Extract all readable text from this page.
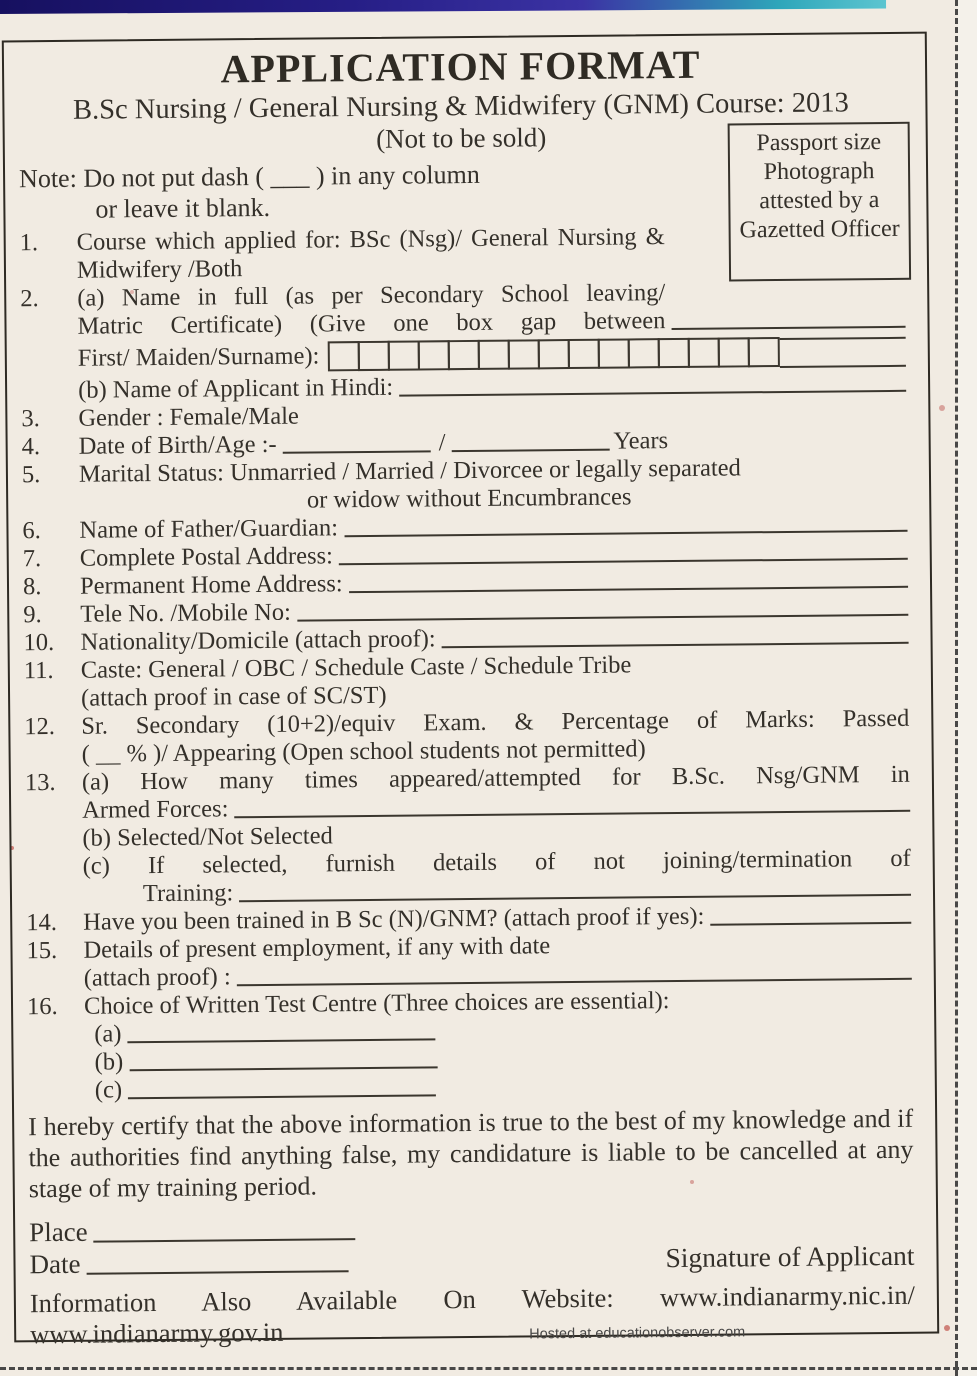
APPLICATION FORMAT
B.Sc Nursing / General Nursing & Midwifery (GNM) Course: 2013
(Not to be sold)
Note: Do not put dash ( ___ ) in any column
or leave it blank.
Passport size Photograph attested by a Gazetted Officer
1.	Course which applied for: BSc (Nsg)/ General Nursing & Midwifery /Both
2.	(a) Name in full (as per Secondary School leaving/
Matric Certificate) (Give one box gap between
First/ Maiden/Surname):
(b) Name of Applicant in Hindi:
3.	Gender : Female/Male
4.	Date of Birth/Age :-	/	Years
5.	Marital Status: Unmarried / Married / Divorcee or legally separated
or widow without Encumbrances
6.	Name of Father/Guardian:
7.	Complete Postal Address:
8.	Permanent Home Address:
9.	Tele No. /Mobile No:
10.	Nationality/Domicile (attach proof):
11.	Caste: General / OBC / Schedule Caste / Schedule Tribe
(attach proof in case of SC/ST)
12.	Sr. Secondary (10+2)/equiv Exam. & Percentage of Marks: Passed
( __ % )/ Appearing (Open school students not permitted)
13.	(a) How many times appeared/attempted for B.Sc. Nsg/GNM in
Armed Forces:
(b) Selected/Not Selected
(c) If selected, furnish details of not joining/termination of
Training:
14.	Have you been trained in B Sc (N)/GNM? (attach proof if yes):
15.	Details of present employment, if any with date
(attach proof) :
16.	Choice of Written Test Centre (Three choices are essential):
(a)
(b)
(c)
I hereby certify that the above information is true to the best of my knowledge and if the authorities find anything false, my candidature is liable to be cancelled at any stage of my training period.
Place
Date	Signature of Applicant
Information Also Available On Website: www.indianarmy.nic.in/
www.indianarmy.gov.in	Hosted at educationobserver.com
